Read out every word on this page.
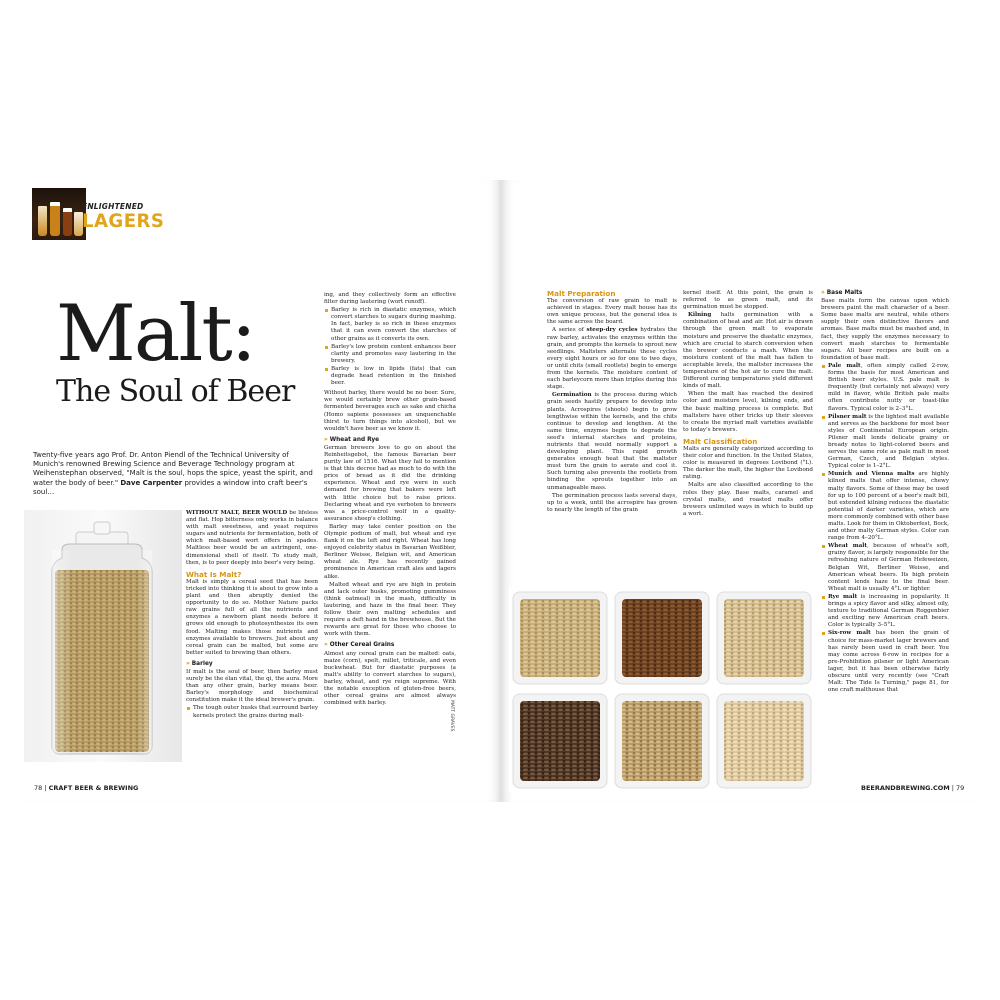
ENLIGHTENED
LAGERS
Malt:
The Soul of Beer
Twenty-five years ago Prof. Dr. Anton Piendl of the Technical University of Munich's renowned Brewing Science and Beverage Technology program at Weihenstephan observed, "Malt is the soul, hops the spice, yeast the spirit, and water the body of beer." Dave Carpenter provides a window into craft beer's soul…

WITHOUT MALT, BEER WOULD be lifeless and flat. Hop bitterness only works in balance with malt sweetness, and yeast requires sugars and nutrients for fermentation, both of which malt-based wort offers in spades. Maltless beer would be an astringent, one-dimensional shell of itself. To study malt, then, is to peer deeply into beer's very being.

What Is Malt?

Malt is simply a cereal seed that has been tricked into thinking it is about to grow into a plant and then abruptly denied the opportunity to do so. Mother Nature packs raw grains full of all the nutrients and enzymes a newborn plant needs before it grows old enough to photosynthesize its own food. Malting makes those nutrients and enzymes available to brewers. Just about any cereal grain can be malted, but some are better suited to brewing than others.

» Barley

If malt is the soul of beer, then barley must surely be the élan vital, the qi, the aura. More than any other grain, barley means beer. Barley's morphology and biochemical constitution make it the ideal brewer's grain.

The tough outer husks that surround barley kernels protect the grains during malt-

ing, and they collectively form an effective filter during lautering (wort runoff).

Barley is rich in diastatic enzymes, which convert starches to sugars during mashing. In fact, barley is so rich in these enzymes that it can even convert the starches of other grains as it converts its own.

Barley's low protein content enhances beer clarity and promotes easy lautering in the brewery.

Barley is low in lipids (fats) that can degrade head retention in the finished beer.

Without barley, there would be no beer. Sure, we would certainly brew other grain-based fermented beverages such as sake and chicha (Homo sapiens possesses an unquenchable thirst to turn things into alcohol), but we wouldn't have beer as we know it.

» Wheat and Rye

German brewers love to go on about the Reinheitsgebot, the famous Bavarian beer purity law of 1516. What they fail to mention is that this decree had as much to do with the price of bread as it did the drinking experience. Wheat and rye were in such demand for brewing that bakers were left with little choice but to raise prices. Declaring wheat and rye verboten to brewers was a price-control wolf in a quality-assurance sheep's clothing.

Barley may take center position on the Olympic podium of malt, but wheat and rye flank it on the left and right. Wheat has long enjoyed celebrity status in Bavarian Weißbier, Berliner Weisse, Belgian wit, and American wheat ale. Rye has recently gained prominence in American craft ales and lagers alike.

Malted wheat and rye are high in protein and lack outer husks, promoting gumminess (think oatmeal) in the mash, difficulty in lautering, and haze in the final beer. They follow their own malting schedules and require a deft hand in the brewhouse. But the rewards are great for those who choose to work with them.

» Other Cereal Grains

Almost any cereal grain can be malted: oats, maize (corn), spelt, millet, triticale, and even buckwheat. But for diastatic purposes (a malt's ability to convert starches to sugars), barley, wheat, and rye reign supreme. With the notable exception of gluten-free beers, other cereal grains are almost always combined with barley.	MATT GRAVES
78 | CRAFT BEER & BREWING
Malt Preparation

The conversion of raw grain to malt is achieved in stages. Every malt house has its own unique process, but the general idea is the same across the board.

A series of steep-dry cycles hydrates the raw barley, activates the enzymes within the grain, and prompts the kernels to sprout new seedlings. Maltsters alternate these cycles every eight hours or so for one to two days, or until chits (small rootlets) begin to emerge from the kernels. The moisture content of each barleycorn more than triples during this stage.

Germination is the process during which grain seeds hastily prepare to develop into plants. Acrospires (shoots) begin to grow lengthwise within the kernels, and the chits continue to develop and lengthen. At the same time, enzymes begin to degrade the seed's internal starches and proteins, nutrients that would normally support a developing plant. This rapid growth generates enough heat that the maltster must turn the grain to aerate and cool it. Such turning also prevents the rootlets from binding the sprouts together into an unmanageable mass.

The germination process lasts several days, up to a week, until the acrospire has grown to nearly the length of the grain

kernel itself. At this point, the grain is referred to as green malt, and its germination must be stopped.

Kilning halts germination with a combination of heat and air. Hot air is drawn through the green malt to evaporate moisture and preserve the diastatic enzymes, which are crucial to starch conversion when the brewer conducts a mash. When the moisture content of the malt has fallen to acceptable levels, the maltster increases the temperature of the hot air to cure the malt. Different curing temperatures yield different kinds of malt.

When the malt has reached the desired color and moisture level, kilning ends, and the basic malting process is complete. But maltsters have other tricks up their sleeves to create the myriad malt varieties available to today's brewers.

Malt Classification

Malts are generally categorized according to their color and function. In the United States, color is measured in degrees Lovibond (°L). The darker the malt, the higher the Lovibond rating.

Malts are also classified according to the roles they play. Base malts, caramel and crystal malts, and roasted malts offer brewers unlimited ways in which to build up a wort.

» Base Malts

Base malts form the canvas upon which brewers paint the malt character of a beer. Some base malts are neutral, while others supply their own distinctive flavors and aromas. Base malts must be mashed and, in fact, they supply the enzymes necessary to convert mash starches to fermentable sugars. All beer recipes are built on a foundation of base malt.

Pale malt, often simply called 2-row, forms the basis for most American and British beer styles. U.S. pale malt is frequently (but certainly not always) very mild in flavor, while British pale malts often contribute nutty or toast-like flavors. Typical color is 2–3°L.

Pilsner malt is the lightest malt available and serves as the backbone for most beer styles of Continental European origin. Pilsner malt lends delicate grainy or bready notes to light-colored beers and serves the same role as pale malt in most German, Czech, and Belgian styles. Typical color is 1–2°L.

Munich and Vienna malts are highly kilned malts that offer intense, chewy malty flavors. Some of these may be used for up to 100 percent of a beer's malt bill, but extended kilning reduces the diastatic potential of darker varieties, which are more commonly combined with other base malts. Look for them in Oktoberfest, Bock, and other malty German styles. Color can range from 4–20°L.

Wheat malt, because of wheat's soft, grainy flavor, is largely responsible for the refreshing nature of German Hefeweizen, Belgian Wit, Berliner Weisse, and American wheat beers. Its high protein content lends haze to the final beer. Wheat malt is usually 4°L or lighter.

Rye malt is increasing in popularity. It brings a spicy flavor and silky, almost oily, texture to traditional German Roggenbier and exciting new American craft beers. Color is typically 3–5°L.

Six-row malt has been the grain of choice for mass-market lager brewers and has rarely been used in craft beer. You may come across 6-row in recipes for a pre-Prohibition pilsner or light American lager, but it has been otherwise fairly obscure until very recently (see "Craft Malt: The Tide Is Turning," page 81, for one craft malthouse that

BEERANDBREWING.COM | 79
